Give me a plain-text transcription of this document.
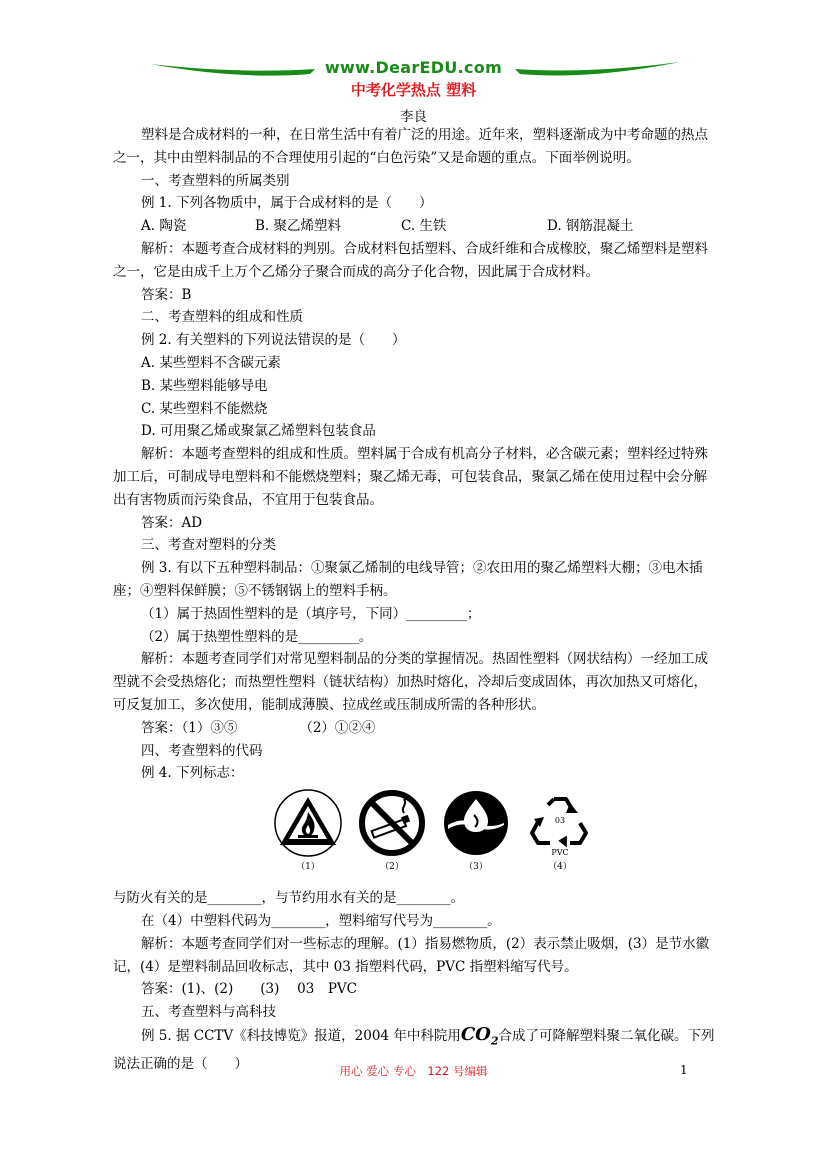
www.DearEDU.com
中考化学热点 塑料
李良

塑料是合成材料的一种，在日常生活中有着广泛的用途。近年来，塑料逐渐成为中考命题的热点之一，其中由塑料制品的不合理使用引起的“白色污染”又是命题的重点。下面举例说明。

一、考查塑料的所属类别

例 1. 下列各物质中，属于合成材料的是（　　）

A. 陶瓷	B. 聚乙烯塑料	C. 生铁	D. 钢筋混凝土

解析：本题考查合成材料的判别。合成材料包括塑料、合成纤维和合成橡胶，聚乙烯塑料是塑料之一，它是由成千上万个乙烯分子聚合而成的高分子化合物，因此属于合成材料。

答案：B

二、考查塑料的组成和性质

例 2. 有关塑料的下列说法错误的是（　　）

A. 某些塑料不含碳元素

B. 某些塑料能够导电

C. 某些塑料不能燃烧

D. 可用聚乙烯或聚氯乙烯塑料包装食品

解析：本题考查塑料的组成和性质。塑料属于合成有机高分子材料，必含碳元素；塑料经过特殊加工后，可制成导电塑料和不能燃烧塑料；聚乙烯无毒，可包装食品，聚氯乙烯在使用过程中会分解出有害物质而污染食品，不宜用于包装食品。

答案：AD

三、考查对塑料的分类

例 3. 有以下五种塑料制品：①聚氯乙烯制的电线导管；②农田用的聚乙烯塑料大棚；③电木插座；④塑料保鲜膜；⑤不锈钢锅上的塑料手柄。

（1）属于热固性塑料的是（填序号，下同）_________；

（2）属于热塑性塑料的是_________。

解析：本题考查同学们对常见塑料制品的分类的掌握情况。热固性塑料（网状结构）一经加工成型就不会受热熔化；而热塑性塑料（链状结构）加热时熔化，冷却后变成固体，再次加热又可熔化，可反复加工，多次使用，能制成薄膜、拉成丝或压制成所需的各种形状。

答案：（1）③⑤	（2）①②④

四、考查塑料的代码

例 4. 下列标志：

（1）	（2）	（3）
03
PVC
（4）

与防火有关的是________，与节约用水有关的是________。

在（4）中塑料代码为________，塑料缩写代号为________。

解析：本题考查同学们对一些标志的理解。(1）指易燃物质，(2）表示禁止吸烟，(3）是节水徽记，(4）是塑料制品回收标志，其中 03 指塑料代码，PVC 指塑料缩写代号。

答案：(1)、(2)　　(3)　 03　PVC

五、考查塑料与高科技

例 5. 据 CCTV《科技博览》报道，2004 年中科院用$CO_2$合成了可降解塑料聚二氧化碳。下列说法正确的是（　　）	用心 爱心 专心　122 号编辑	1
